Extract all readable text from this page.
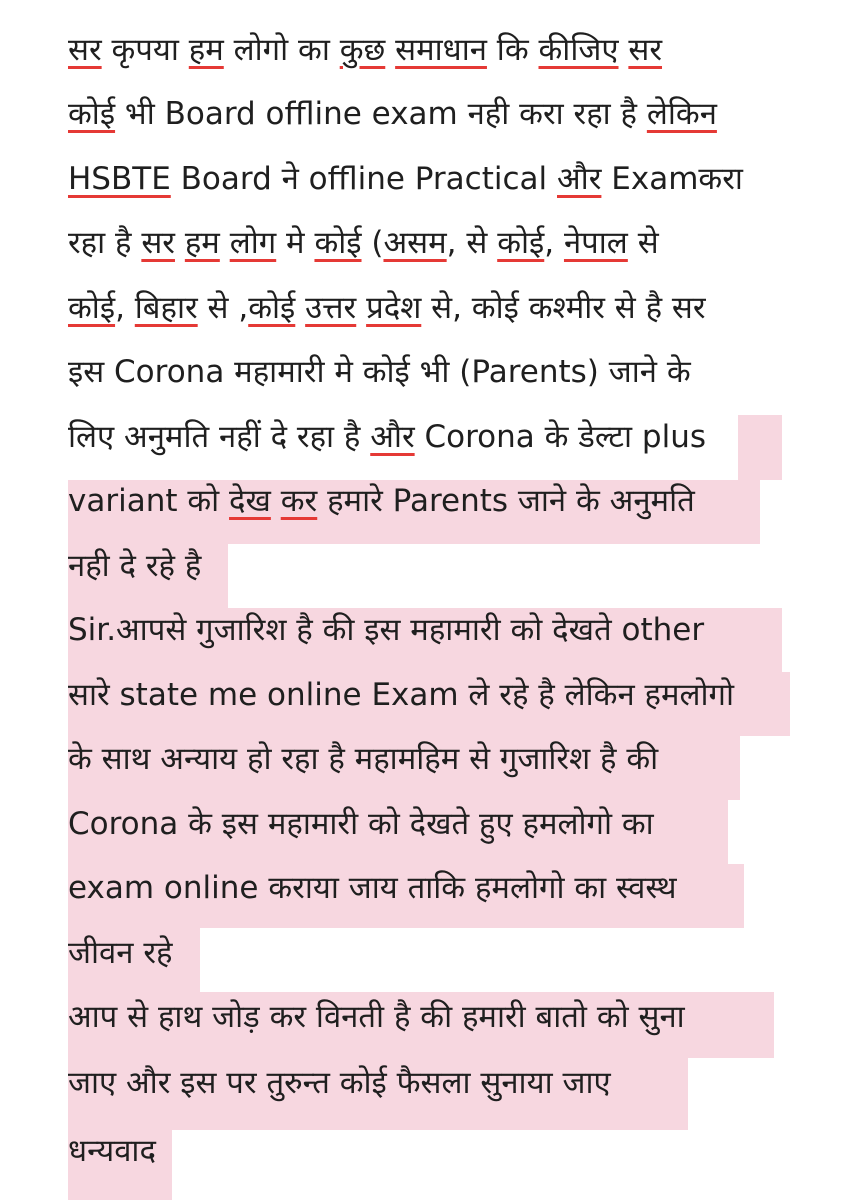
सर कृपया हम लोगो का कुछ समाधान कि कीजिए सर
कोई भी Board offline exam नही करा रहा है लेकिन
HSBTE Board ने offline Practical और Examकरा
रहा है सर हम लोग मे कोई (असम, से कोई, नेपाल से
कोई, बिहार से ,कोई उत्तर प्रदेश से, कोई कश्मीर से है सर
इस Corona महामारी मे कोई भी (Parents) जाने के
लिए अनुमति नहीं दे रहा है और Corona के डेल्टा plus
variant को देख कर हमारे Parents जाने के अनुमति
नही दे रहे है
Sir.आपसे गुजारिश है की इस महामारी को देखते other
सारे state me online Exam ले रहे है लेकिन हमलोगो
के साथ अन्याय हो रहा है महामहिम से गुजारिश है की
Corona के इस महामारी को देखते हुए हमलोगो का
exam online कराया जाय ताकि हमलोगो का स्वस्थ
जीवन रहे
आप से हाथ जोड़ कर विनती है की हमारी बातो को सुना
जाए और इस पर तुरुन्त कोई फैसला सुनाया जाए
धन्यवाद
